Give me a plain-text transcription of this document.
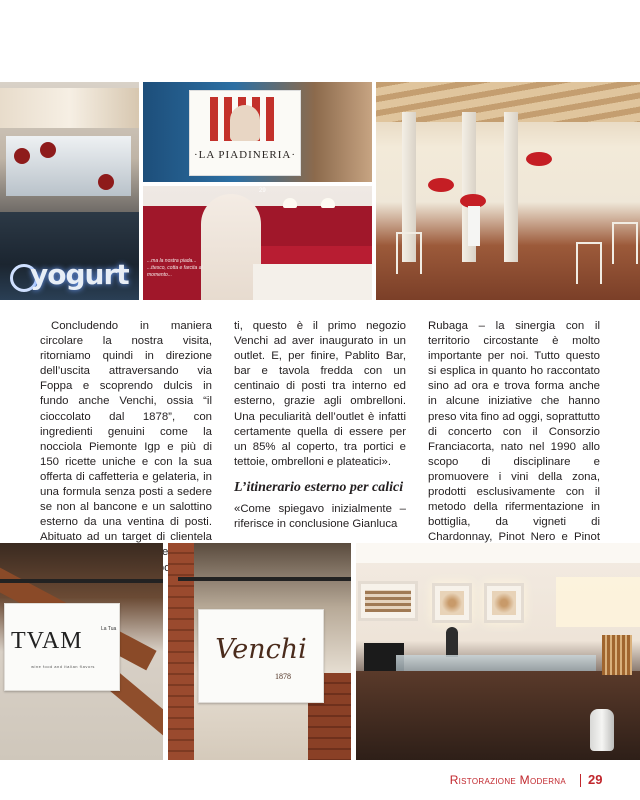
yogurt
·LA PIADINERIA·
...ma la nostra piada... ...ttesco, cotta e farcita al momento...
29

Concludendo in maniera circolare la nostra visita, ritorniamo quindi in direzione dell’uscita attraversando via Foppa e scoprendo dulcis in fundo anche Venchi, ossia “il cioccolato dal 1878”, con ingredienti genuini come la nocciola Piemonte Igp e più di 150 ricette uniche e con la sua offerta di caffetteria e gelateria, in una formula senza posti a sedere se non al bancone e un salottino esterno da una ventina di posti. Abituato ad un target di clientela

ti, questo è il primo negozio Venchi ad aver inaugurato in un outlet. E, per finire, Pablito Bar, bar e tavola fredda con un centinaio di posti tra interno ed esterno, grazie agli ombrelloni. Una peculiarità dell’outlet è infatti certamente quella di essere per un 85% al coperto, tra portici e tettoie, ombrelloni e plateatici».

L’itinerario esterno per calici

«Come spiegavo inizialmente – riferisce in conclusione Gianluca

Rubaga – la sinergia con il territorio circostante è molto importante per noi. Tutto questo si esplica in quanto ho raccontato sino ad ora e trova forma anche in alcune iniziative che hanno preso vita fino ad oggi, soprattutto di concerto con il Consorzio Franciacorta, nato nel 1990 allo scopo di disciplinare e promuovere i vini della zona, prodotti esclusivamente con il metodo della rifermentazione in bottiglia, da vigneti di Chardonnay, Pinot Nero e Pinot

TVAM	La Tua
wine food and italian flavors
Venchi
1878
Ristorazione Moderna 29
